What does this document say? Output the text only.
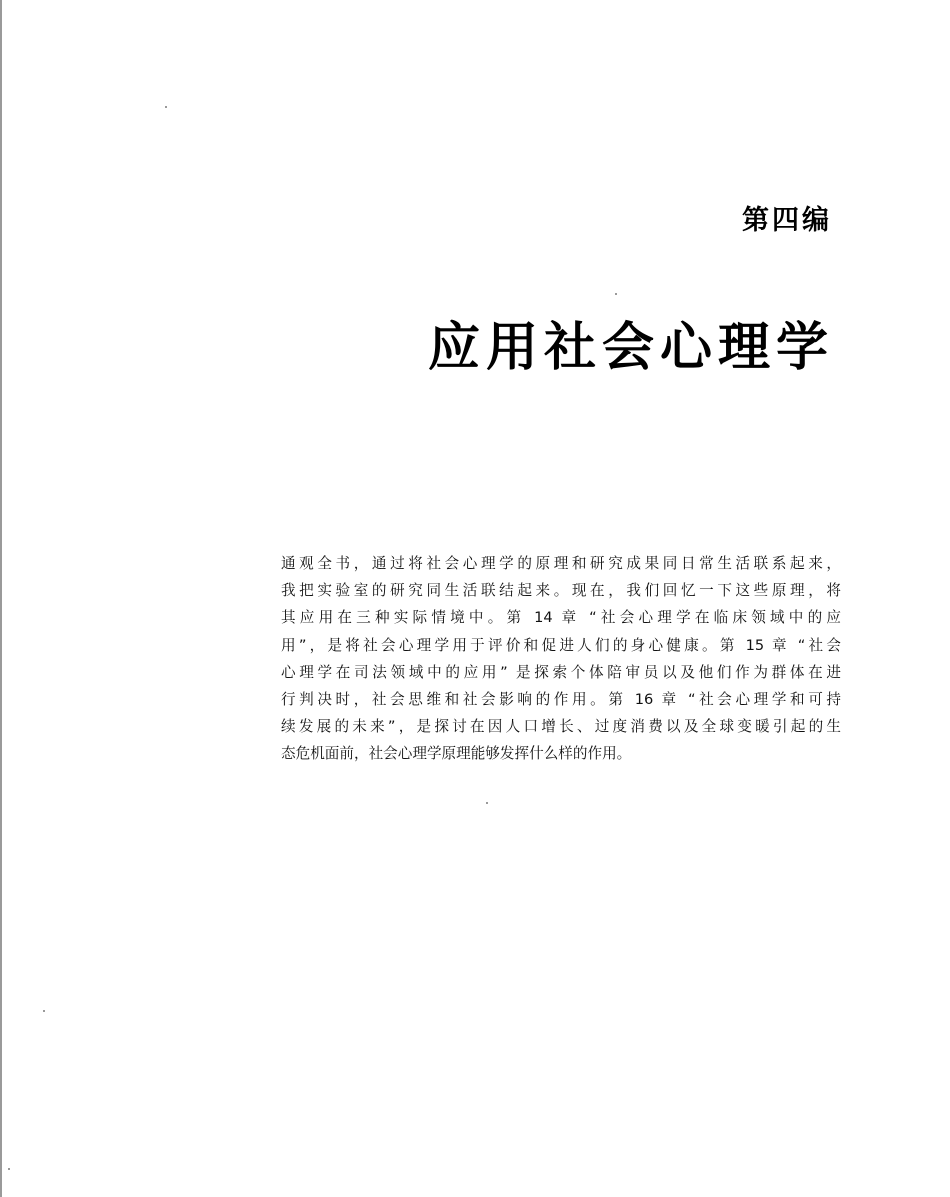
第四编
应用社会心理学
通观全书，通过将社会心理学的原理和研究成果同日常生活联系起来，
我把实验室的研究同生活联结起来。现在，我们回忆一下这些原理，将
其应用在三种实际情境中。第 14 章 “社会心理学在临床领域中的应
用”，是将社会心理学用于评价和促进人们的身心健康。第 15 章 “社会
心理学在司法领域中的应用” 是探索个体陪审员以及他们作为群体在进
行判决时，社会思维和社会影响的作用。第 16 章 “社会心理学和可持
续发展的未来”，是探讨在因人口增长、过度消费以及全球变暖引起的生
态危机面前，社会心理学原理能够发挥什么样的作用。
